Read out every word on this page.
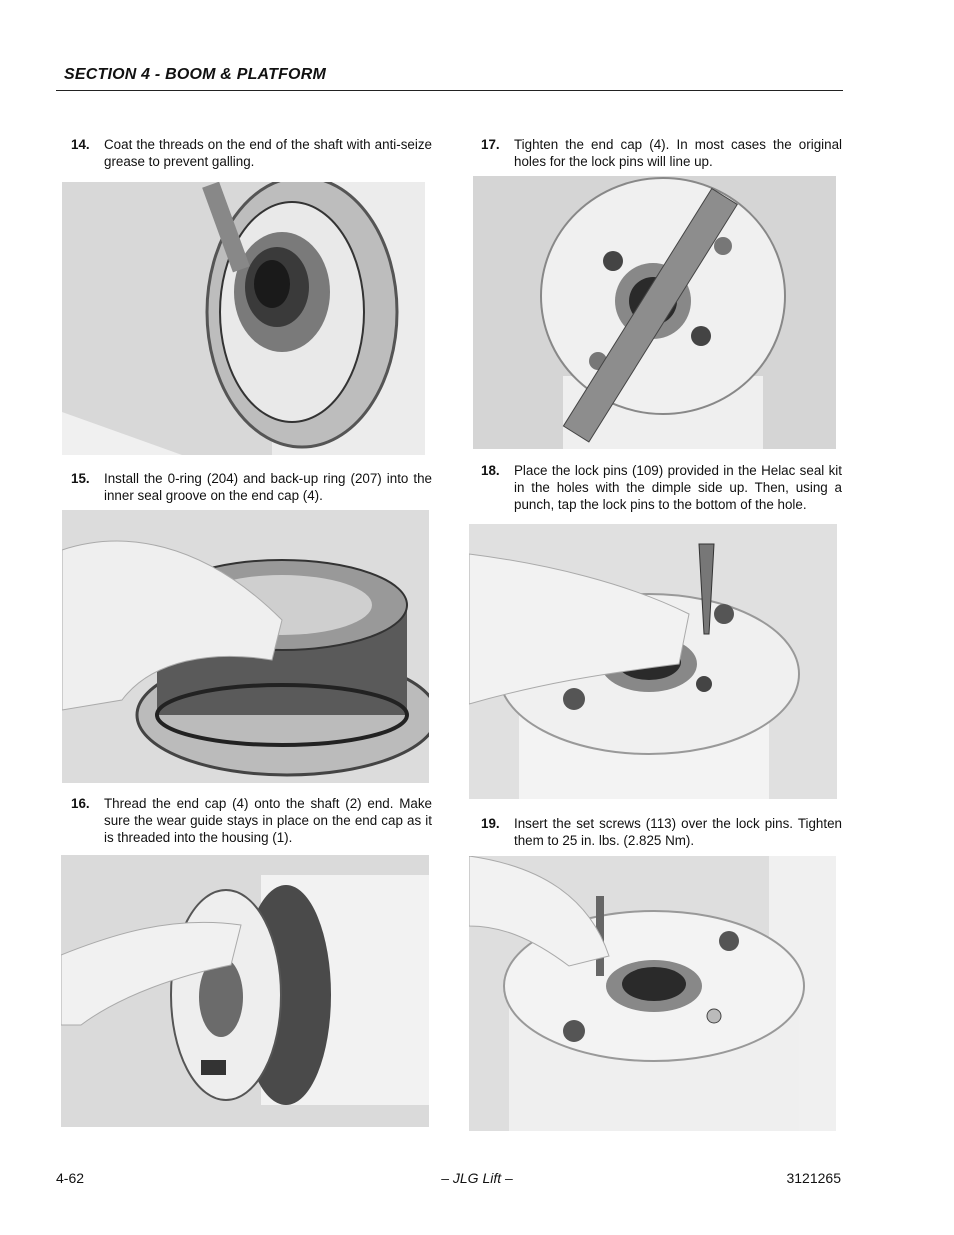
SECTION 4 - BOOM & PLATFORM
14. Coat the threads on the end of the shaft with anti-seize grease to prevent galling.
15. Install the 0-ring (204) and back-up ring (207) into the inner seal groove on the end cap (4).
16. Thread the end cap (4) onto the shaft (2) end. Make sure the wear guide stays in place on the end cap as it is threaded into the housing (1).
17. Tighten the end cap (4). In most cases the original holes for the lock pins will line up.
18. Place the lock pins (109) provided in the Helac seal kit in the holes with the dimple side up. Then, using a punch, tap the lock pins to the bottom of the hole.
19. Insert the set screws (113) over the lock pins. Tighten them to 25 in. lbs. (2.825 Nm).
4-62	– JLG Lift –	3121265
